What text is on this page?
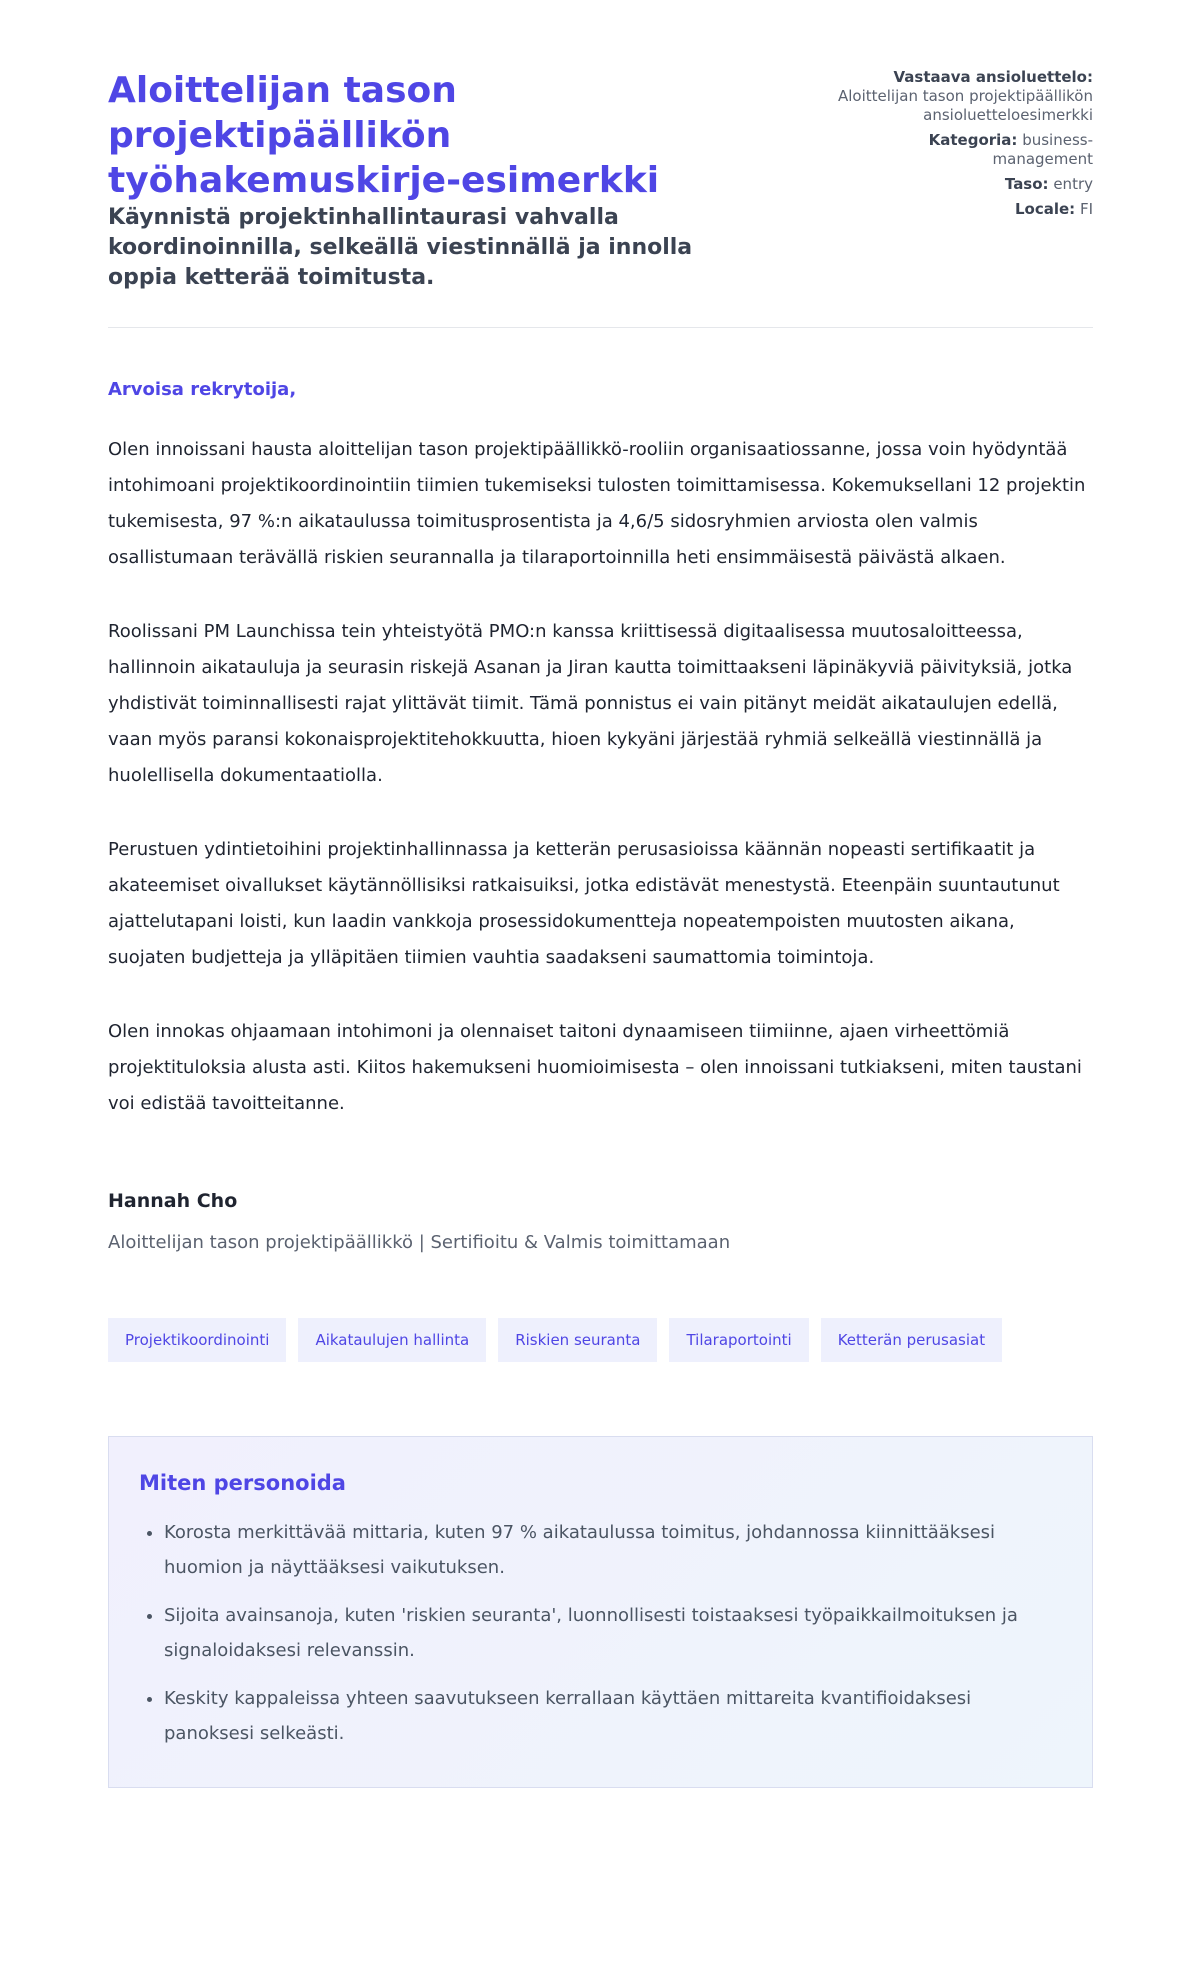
Aloittelijan tason projektipäällikön työhakemuskirje-esimerkki
Käynnistä projektinhallintaurasi vahvalla koordinoinnilla, selkeällä viestinnällä ja innolla oppia ketterää toimitusta.
Vastaava ansioluettelo:
Aloittelijan tason projektipäällikön ansioluetteloesimerkki
Kategoria: business-management
Taso: entry
Locale: FI
Arvoisa rekrytoija,

Olen innoissani hausta aloittelijan tason projektipäällikkö-rooliin organisaatiossanne, jossa voin hyödyntää intohimoani projektikoordinointiin tiimien tukemiseksi tulosten toimittamisessa. Kokemuksellani 12 projektin tukemisesta, 97 %:n aikataulussa toimitusprosentista ja 4,6/5 sidosryhmien arviosta olen valmis osallistumaan terävällä riskien seurannalla ja tilaraportoinnilla heti ensimmäisestä päivästä alkaen.

Roolissani PM Launchissa tein yhteistyötä PMO:n kanssa kriittisessä digitaalisessa muutosaloitteessa, hallinnoin aikatauluja ja seurasin riskejä Asanan ja Jiran kautta toimittaakseni läpinäkyviä päivityksiä, jotka yhdistivät toiminnallisesti rajat ylittävät tiimit. Tämä ponnistus ei vain pitänyt meidät aikataulujen edellä, vaan myös paransi kokonaisprojektitehokkuutta, hioen kykyäni järjestää ryhmiä selkeällä viestinnällä ja huolellisella dokumentaatiolla.

Perustuen ydintietoihini projektinhallinnassa ja ketterän perusasioissa käännän nopeasti sertifikaatit ja akateemiset oivallukset käytännöllisiksi ratkaisuiksi, jotka edistävät menestystä. Eteenpäin suuntautunut ajattelutapani loisti, kun laadin vankkoja prosessidokumentteja nopeatempoisten muutosten aikana, suojaten budjetteja ja ylläpitäen tiimien vauhtia saadakseni saumattomia toimintoja.

Olen innokas ohjaamaan intohimoni ja olennaiset taitoni dynaamiseen tiimiinne, ajaen virheettömiä projektituloksia alusta asti. Kiitos hakemukseni huomioimisesta – olen innoissani tutkiakseni, miten taustani voi edistää tavoitteitanne.

Hannah Cho
Aloittelijan tason projektipäällikkö | Sertifioitu & Valmis toimittamaan
Projektikoordinointi	Aikataulujen hallinta	Riskien seuranta	Tilaraportointi	Ketterän perusasiat
Miten personoida
• Korosta merkittävää mittaria, kuten 97 % aikataulussa toimitus, johdannossa kiinnittääksesi huomion ja näyttääksesi vaikutuksen.
• Sijoita avainsanoja, kuten 'riskien seuranta', luonnollisesti toistaaksesi työpaikkailmoituksen ja signaloidaksesi relevanssin.
• Keskity kappaleissa yhteen saavutukseen kerrallaan käyttäen mittareita kvantifioidaksesi panoksesi selkeästi.
